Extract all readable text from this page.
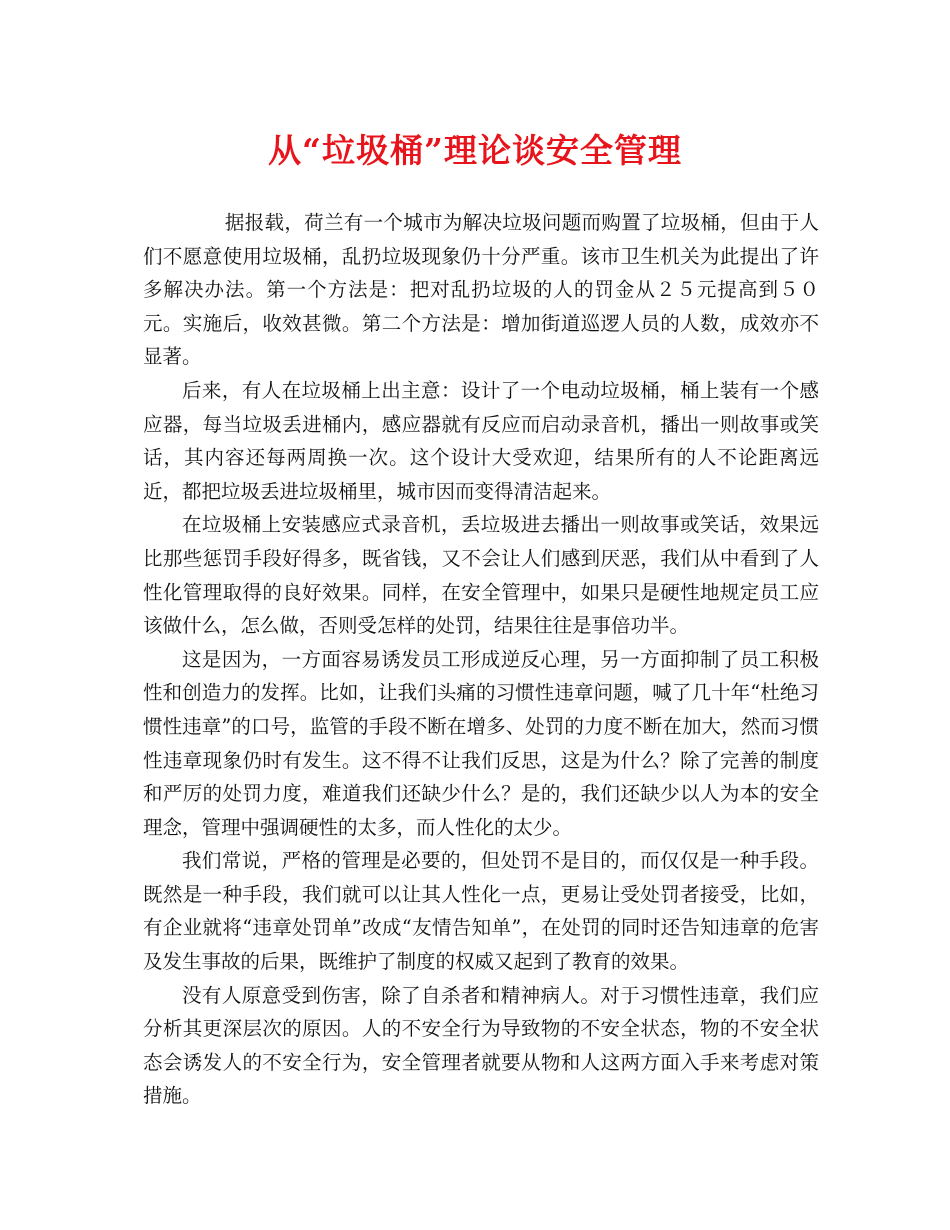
从“垃圾桶”理论谈安全管理

据报载，荷兰有一个城市为解决垃圾问题而购置了垃圾桶，但由于人们不愿意使用垃圾桶，乱扔垃圾现象仍十分严重。该市卫生机关为此提出了许多解决办法。第一个方法是：把对乱扔垃圾的人的罚金从２５元提高到５０元。实施后，收效甚微。第二个方法是：增加街道巡逻人员的人数，成效亦不显著。

后来，有人在垃圾桶上出主意：设计了一个电动垃圾桶，桶上装有一个感应器，每当垃圾丢进桶内，感应器就有反应而启动录音机，播出一则故事或笑话，其内容还每两周换一次。这个设计大受欢迎，结果所有的人不论距离远近，都把垃圾丢进垃圾桶里，城市因而变得清洁起来。

在垃圾桶上安装感应式录音机，丢垃圾进去播出一则故事或笑话，效果远比那些惩罚手段好得多，既省钱，又不会让人们感到厌恶，我们从中看到了人性化管理取得的良好效果。同样，在安全管理中，如果只是硬性地规定员工应该做什么，怎么做，否则受怎样的处罚，结果往往是事倍功半。

这是因为，一方面容易诱发员工形成逆反心理，另一方面抑制了员工积极性和创造力的发挥。比如，让我们头痛的习惯性违章问题，喊了几十年“杜绝习惯性违章”的口号，监管的手段不断在增多、处罚的力度不断在加大，然而习惯性违章现象仍时有发生。这不得不让我们反思，这是为什么？除了完善的制度和严厉的处罚力度，难道我们还缺少什么？是的，我们还缺少以人为本的安全理念，管理中强调硬性的太多，而人性化的太少。

我们常说，严格的管理是必要的，但处罚不是目的，而仅仅是一种手段。既然是一种手段，我们就可以让其人性化一点，更易让受处罚者接受，比如，有企业就将“违章处罚单”改成“友情告知单”，在处罚的同时还告知违章的危害及发生事故的后果，既维护了制度的权威又起到了教育的效果。

没有人原意受到伤害，除了自杀者和精神病人。对于习惯性违章，我们应分析其更深层次的原因。人的不安全行为导致物的不安全状态，物的不安全状态会诱发人的不安全行为，安全管理者就要从物和人这两方面入手来考虑对策措施。
